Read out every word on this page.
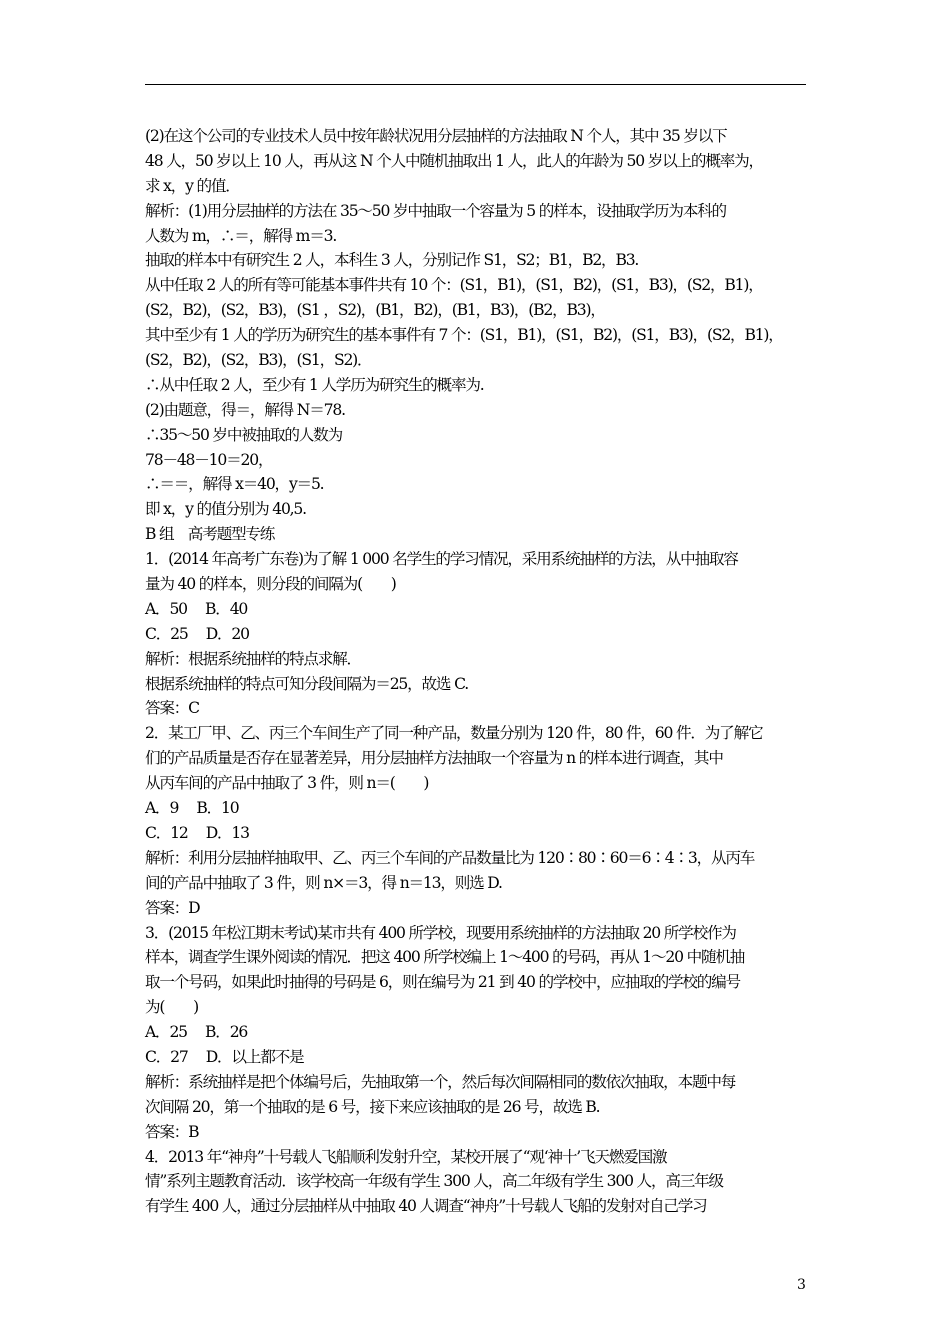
(2)在这个公司的专业技术人员中按年龄状况用分层抽样的方法抽取 N 个人，其中 35 岁以下
48 人，50 岁以上 10 人，再从这 N 个人中随机抽取出 1 人，此人的年龄为 50 岁以上的概率为，
求 x，y 的值．
解析：(1)用分层抽样的方法在 35～50 岁中抽取一个容量为 5 的样本，设抽取学历为本科的
人数为 m，∴＝，解得 m＝3.
抽取的样本中有研究生 2 人，本科生 3 人，分别记作 S1，S2；B1，B2，B3.
从中任取 2 人的所有等可能基本事件共有 10 个：(S1，B1)，(S1，B2)，(S1，B3)，(S2，B1)，
(S2，B2)，(S2，B3)，(S1 ，S2)，(B1，B2)，(B1，B3)，(B2，B3)，
其中至少有 1 人的学历为研究生的基本事件有 7 个：(S1，B1)，(S1，B2)，(S1，B3)，(S2，B1)，
(S2，B2)，(S2，B3)，(S1，S2)．
∴从中任取 2 人，至少有 1 人学历为研究生的概率为.
(2)由题意，得＝，解得 N＝78.
∴35～50 岁中被抽取的人数为
78－48－10＝20，
∴＝＝，解得 x＝40，y＝5.
即 x，y 的值分别为 40,5.
B 组　高考题型专练
1．(2014 年高考广东卷)为了解 1 000 名学生的学习情况，采用系统抽样的方法，从中抽取容
量为 40 的样本，则分段的间隔为(　　)
A．50　 B．40
C．25　 D．20
解析：根据系统抽样的特点求解．
根据系统抽样的特点可知分段间隔为＝25，故选 C.
答案：C
2．某工厂甲、乙、丙三个车间生产了同一种产品，数量分别为 120 件，80 件，60 件．为了解它
们的产品质量是否存在显著差异，用分层抽样方法抽取一个容量为 n 的样本进行调查，其中
从丙车间的产品中抽取了 3 件，则 n＝(　　)
A．9　 B．10
C．12　 D．13
解析：利用分层抽样抽取甲、乙、丙三个车间的产品数量比为 120∶80∶60＝6∶4∶3，从丙车
间的产品中抽取了 3 件，则 n×＝3，得 n＝13，则选 D.
答案：D
3．(2015 年松江期末考试)某市共有 400 所学校，现要用系统抽样的方法抽取 20 所学校作为
样本，调查学生课外阅读的情况．把这 400 所学校编上 1～400 的号码，再从 1～20 中随机抽
取一个号码，如果此时抽得的号码是 6，则在编号为 21 到 40 的学校中，应抽取的学校的编号
为(　　)
A．25　 B．26
C．27　 D．以上都不是
解析：系统抽样是把个体编号后，先抽取第一个，然后每次间隔相同的数依次抽取，本题中每
次间隔 20，第一个抽取的是 6 号，接下来应该抽取的是 26 号，故选 B.
答案：B
4．2013 年“神舟”十号载人飞船顺利发射升空，某校开展了“观‘神十’飞天燃爱国激
情”系列主题教育活动．该学校高一年级有学生 300 人，高二年级有学生 300 人，高三年级
有学生 400 人，通过分层抽样从中抽取 40 人调查“神舟”十号载人飞船的发射对自己学习
3
